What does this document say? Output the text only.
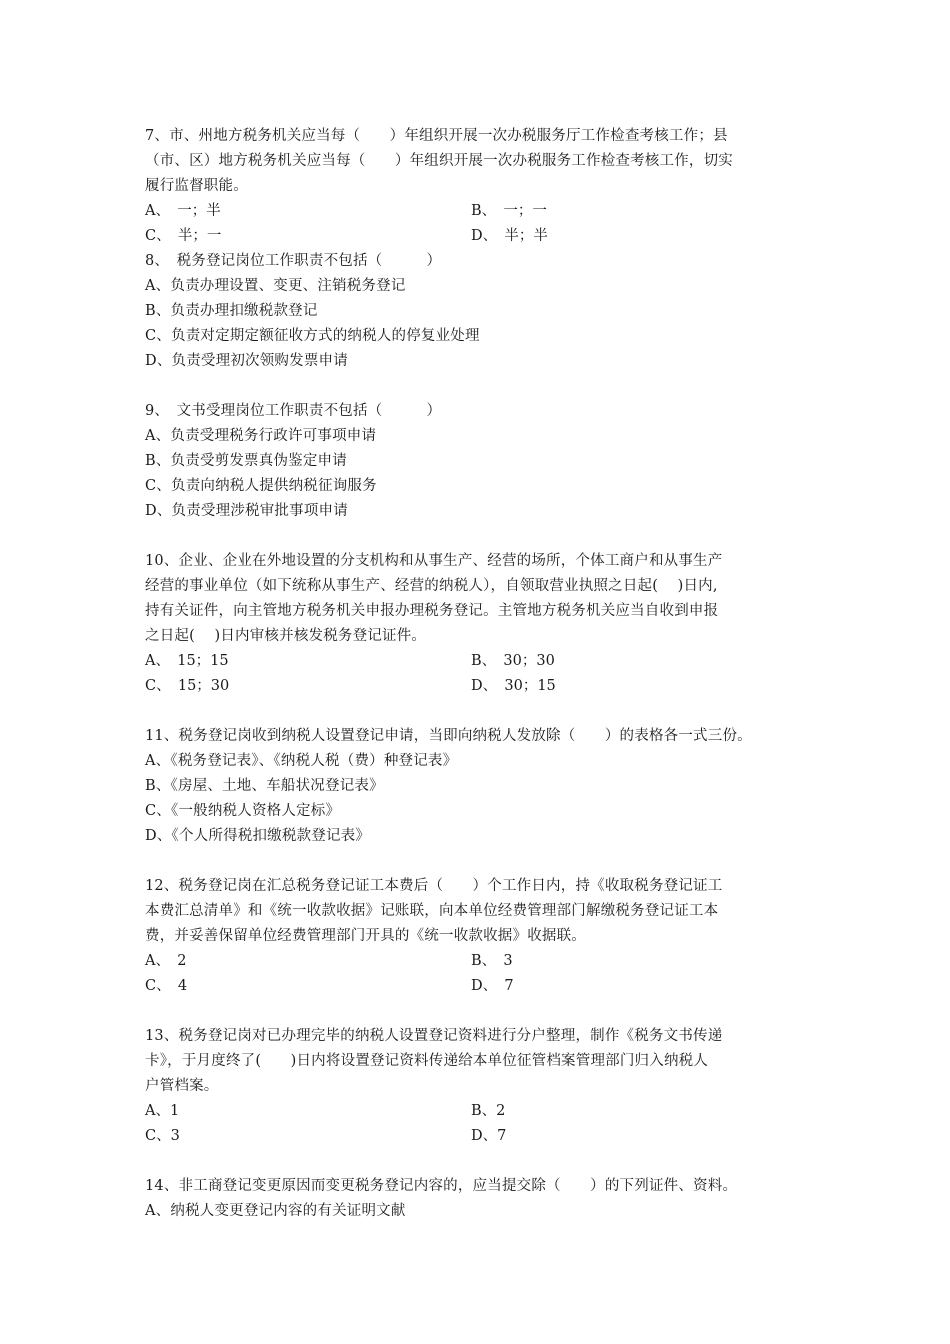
7、市、州地方税务机关应当每（　　）年组织开展一次办税服务厅工作检查考核工作；县
（市、区）地方税务机关应当每（　　）年组织开展一次办税服务工作检查考核工作，切实
履行监督职能。
A、　一；半	B、　一；一
C、　半；一	D、　半；半
8、　税务登记岗位工作职责不包括（　　　）
A、负责办理设置、变更、注销税务登记
B、负责办理扣缴税款登记
C、负责对定期定额征收方式的纳税人的停复业处理
D、负责受理初次领购发票申请
9、　文书受理岗位工作职责不包括（　　　）
A、负责受理税务行政许可事项申请
B、负责受剪发票真伪鉴定申请
C、负责向纳税人提供纳税征询服务
D、负责受理涉税审批事项申请
10、企业、企业在外地设置的分支机构和从事生产、经营的场所，个体工商户和从事生产
经营的事业单位（如下统称从事生产、经营的纳税人），自领取营业执照之日起(　 )日内,
持有关证件，向主管地方税务机关申报办理税务登记。主管地方税务机关应当自收到申报
之日起(　 )日内审核并核发税务登记证件。
A、　15；15	B、　30；30
C、　15；30	D、　30；15
11、税务登记岗收到纳税人设置登记申请，当即向纳税人发放除（　　）的表格各一式三份。
A、《税务登记表》、《纳税人税（费）种登记表》
B、《房屋、土地、车船状况登记表》
C、《一般纳税人资格人定标》
D、《个人所得税扣缴税款登记表》
12、税务登记岗在汇总税务登记证工本费后（　　）个工作日内，持《收取税务登记证工
本费汇总清单》和《统一收款收据》记账联，向本单位经费管理部门解缴税务登记证工本
费，并妥善保留单位经费管理部门开具的《统一收款收据》收据联。
A、　2	B、　3
C、　4	D、　7
13、税务登记岗对已办理完毕的纳税人设置登记资料进行分户整理，制作《税务文书传递
卡》，于月度终了(　　)日内将设置登记资料传递给本单位征管档案管理部门归入纳税人
户管档案。
A、1	B、2
C、3	D、7
14、非工商登记变更原因而变更税务登记内容的，应当提交除（　　）的下列证件、资料。
A、纳税人变更登记内容的有关证明文献
